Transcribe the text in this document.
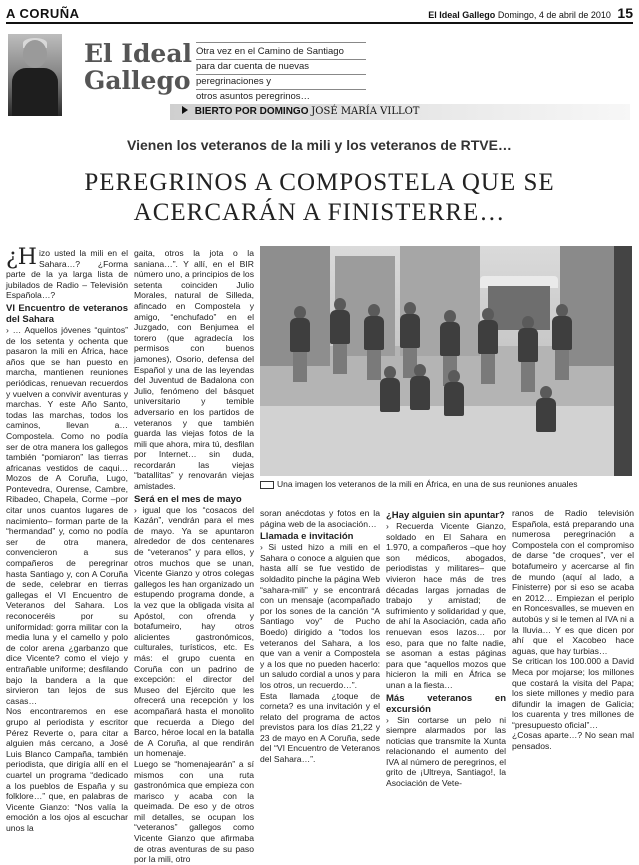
A CORUÑA	El Ideal Gallego Domingo, 4 de abril de 2010 15
El Ideal
Gallego
Otra vez en el Camino de Santiago
para dar cuenta de nuevas
peregrinaciones y
otros asuntos peregrinos…
BIERTO POR DOMINGO JOSÉ MARÍA VILLOT
Vienen los veteranos de la mili y los veteranos de RTVE…
PEREGRINOS A COMPOSTELA QUE SE
ACERCARÁN A FINISTERRE…

¿H izo usted la mili en el Sahara…? ¿Forma parte de la ya larga lista de jubilados de Radio – Televisión Española…?

VI Encuentro de veteranos del Sahara

› … Aquellos jóvenes “quintos” de los setenta y ochenta que pasaron la mili en África, hace años que se han puesto en marcha, mantienen reuniones periódicas, renuevan recuerdos y vuelven a convivir aventuras y marchas. Y este Año Santo, todas las marchas, todos los caminos, llevan a… Compostela. Como no podía ser de otra manera los gallegos también “pomiaron” las tierras africanas vestidos de caqui… Mozos de A Coruña, Lugo, Pontevedra, Ourense, Cambre, Ribadeo, Chapela, Corme –por citar unos cuantos lugares de nacimiento– forman parte de la “hermandad” y, como no podía ser de otra manera, convencieron a sus compañeros de peregrinar hasta Santiago y, con A Coruña de sede, celebrar en tierras gallegas el VI Encuentro de Veteranos del Sahara. Los reconoceréis por su uniformidad: gorra militar con la media luna y el camello y polo de color arena ¿garbanzo que dice Vicente? como el viejo y entrañable uniforme; desfilando bajo la bandera a la que sirvieron tan lejos de sus casas…

Nos encontraremos en ese grupo al periodista y escritor Pérez Reverte o, para citar a alguien más cercano, a José Luis Blanco Campaña, también periodista, que dirigía allí en el cuartel un programa “dedicado a los pueblos de España y su folklore…” que, en palabras de Vicente Gianzo: “Nos valía la emoción a los ojos al escuchar unos la

gaita, otros la jota o la saniana…”. Y allí, en el BIR número uno, a principios de los setenta coinciden Julio Morales, natural de Silleda, afincado en Compostela y amigo, “enchufado” en el Juzgado, con Benjumea el torero (que agradecía los permisos con buenos jamones), Osorio, defensa del Español y una de las leyendas del Juventud de Badalona con Julio, fenómeno del básquet universitario y temible adversario en los partidos de veteranos y que también guarda las viejas fotos de la mili que ahora, mira tú, desfilan por Internet… sin duda, recordarán las viejas “batallitas” y renovarán viejas amistades.

Será en el mes de mayo

› igual que los “cosacos del Kazán”, vendrán para el mes de mayo. Ya se apuntaron alrededor de dos centenares de “veteranos” y para ellos, y otros muchos que se unan, Vicente Gianzo y otros colegas gallegos les han organizado un estupendo programa donde, a la vez que la obligada visita al Apóstol, con ofrenda y botafumeiro, hay otros alicientes gastronómicos, culturales, turísticos, etc. Es más: el grupo cuenta en Coruña con un padrino de excepción: el director del Museo del Ejército que les ofrecerá una recepción y los acompañará hasta el monolito que recuerda a Diego del Barco, héroe local en la batalla de A Coruña, al que rendirán un homenaje.

Luego se “homenajearán” a sí mismos con una ruta gastronómica que empieza con marisco y acaba con la queimada. De eso y de otros mil detalles, se ocupan los “veteranos” gallegos como Vicente Gianzo que afirmaba de otras aventuras de su paso por la mili, otro

Una imagen los veteranos de la mili en África, en una de sus reuniones anuales

soran anécdotas y fotos en la página web de la asociación…

Llamada e invitación

› Si usted hizo a mili en el Sahara o conoce a alguien que hasta allí se fue vestido de soldadito pinche la página Web “sahara-mili” y se encontrará con un mensaje (acompañado por los sones de la canción “A Santiago voy” de Pucho Boedo) dirigido a “todos los veteranos del Sahara, a los que van a venir a Compostela y a los que no pueden hacerlo: un saludo cordial a unos y para los otros, un recuerdo…”.

Esta llamada ¿toque de corneta? es una invitación y el relato del programa de actos previstos para los días 21,22 y 23 de mayo en A Coruña, sede del “VI Encuentro de Veteranos del Sahara…”.

¿Hay alguien sin apuntar?

› Recuerda Vicente Gianzo, soldado en El Sahara en 1.970, a compañeros –que hoy son médicos, abogados, periodistas y militares– que vivieron hace más de tres décadas largas jornadas de trabajo y amistad; de sufrimiento y solidaridad y que, de ahí la Asociación, cada año renuevan esos lazos… por eso, para que no falte nadie, se asoman a estas páginas para que “aquellos mozos que hicieron la mili en África se unan a la fiesta…

Más veteranos en excursión

› Sin cortarse un pelo ni siempre alarmados por las noticias que transmite la Xunta relacionando el aumento del IVA al número de peregrinos, el grito de ¡Ultreya, Santiago!, la Asociación de Vete-

ranos de Radio televisión Española, está preparando una numerosa peregrinación a Compostela con el compromiso de darse “de croques”, ver el botafumeiro y acercarse al fin de mundo (aquí al lado, a Finisterre) por si eso se acaba en 2012… Empiezan el periplo en Roncesvalles, se mueven en autobús y si le temen al IVA ni a la lluvia… Y es que dicen por ahí que el Xacobeo hace aguas, que hay turbias…

Se critican los 100.000 a David Meca por mojarse; los millones que costará la visita del Papa; los siete millones y medio para difundir la imagen de Galicia; los cuarenta y tres millones de “presupuesto oficial”…

¿Cosas aparte…? No sean mal pensados.
